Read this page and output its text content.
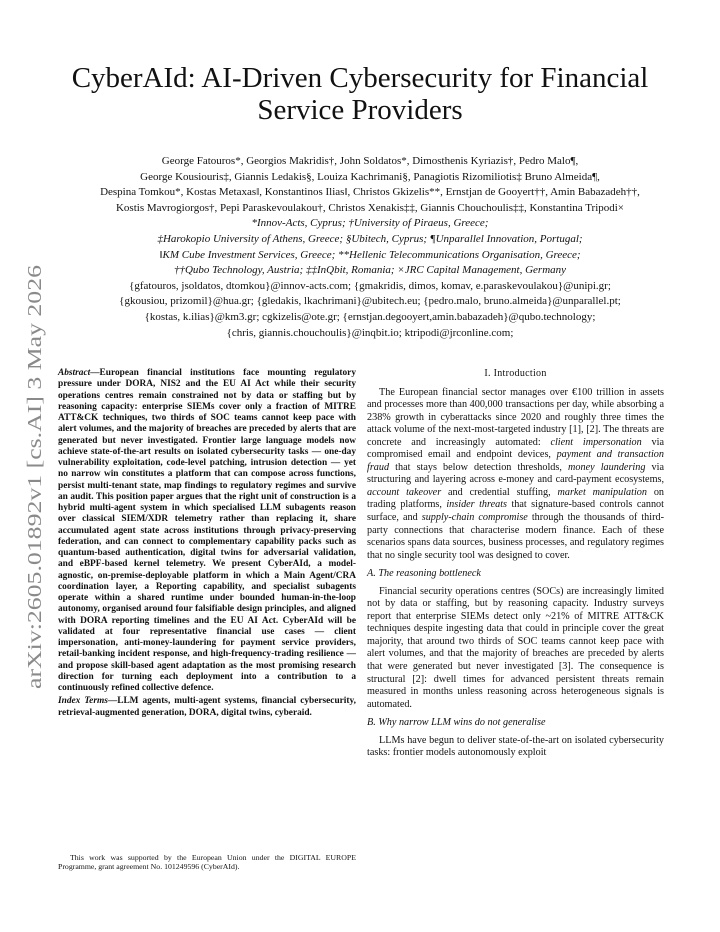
arXiv:2605.01892v1 [cs.AI] 3 May 2026
CyberAId: AI-Driven Cybersecurity for Financial Service Providers
George Fatouros*, Georgios Makridis†, John Soldatos*, Dimosthenis Kyriazis†, Pedro Malo¶,
George Kousiouris‡, Giannis Ledakis§, Louiza Kachrimani§, Panagiotis Rizomiliotis‡ Bruno Almeida¶,
Despina Tomkou*, Kostas Metaxas‖, Konstantinos Ilias‖, Christos Gkizelis**, Ernstjan de Gooyert††, Amin Babazadeh††,
Kostis Mavrogiorgos†, Pepi Paraskevoulakou†, Christos Xenakis‡‡, Giannis Chouchoulis‡‡, Konstantina Tripodi×
*Innov-Acts, Cyprus; †University of Piraeus, Greece;
‡Harokopio University of Athens, Greece; §Ubitech, Cyprus; ¶Unparallel Innovation, Portugal;
‖KM Cube Investment Services, Greece; **Hellenic Telecommunications Organisation, Greece;
††Qubo Technology, Austria; ‡‡InQbit, Romania; ×JRC Capital Management, Germany
{gfatouros, jsoldatos, dtomkou}@innov-acts.com; {gmakridis, dimos, komav, e.paraskevoulakou}@unipi.gr;
{gkousiou, prizomil}@hua.gr; {gledakis, lkachrimani}@ubitech.eu; {pedro.malo, bruno.almeida}@unparallel.pt;
{kostas, k.ilias}@km3.gr; cgkizelis@ote.gr; {ernstjan.degooyert,amin.babazadeh}@qubo.technology;
{chris, giannis.chouchoulis}@inqbit.io; ktripodi@jrconline.com;
Abstract—European financial institutions face mounting regulatory pressure under DORA, NIS2 and the EU AI Act while their security operations centres remain constrained not by data or staffing but by reasoning capacity: enterprise SIEMs cover only a fraction of MITRE ATT&CK techniques, two thirds of SOC teams cannot keep pace with alert volumes, and the majority of breaches are preceded by alerts that are generated but never investigated. Frontier large language models now achieve state-of-the-art results on isolated cybersecurity tasks — one-day vulnerability exploitation, code-level patching, intrusion detection — yet no narrow win constitutes a platform that can compose across functions, persist multi-tenant state, map findings to regulatory regimes and survive an audit. This position paper argues that the right unit of construction is a hybrid multi-agent system in which specialised LLM subagents reason over classical SIEM/XDR telemetry rather than replacing it, share accumulated agent state across institutions through privacy-preserving federation, and can connect to complementary capability packs such as quantum-based authentication, digital twins for adversarial validation, and eBPF-based kernel telemetry. We present CyberAId, a model-agnostic, on-premise-deployable platform in which a Main Agent/CRA coordination layer, a Reporting capability, and specialist subagents operate within a shared runtime under bounded human-in-the-loop autonomy, organised around four falsifiable design principles, and aligned with DORA reporting timelines and the EU AI Act. CyberAId will be validated at four representative financial use cases — client impersonation, anti-money-laundering for payment service providers, retail-banking incident response, and high-frequency-trading resilience — and propose skill-based agent adaptation as the most promising research direction for turning each deployment into a contribution to a continuously refined collective defence.
Index Terms—LLM agents, multi-agent systems, financial cybersecurity, retrieval-augmented generation, DORA, digital twins, cyberaid.
This work was supported by the European Union under the DIGITAL EUROPE Programme, grant agreement No. 101249596 (CyberAId).
I. Introduction
The European financial sector manages over €100 trillion in assets and processes more than 400,000 transactions per day, while absorbing a 238% growth in cyberattacks since 2020 and roughly three times the attack volume of the next-most-targeted industry [1], [2]. The threats are concrete and increasingly automated: client impersonation via compromised email and endpoint devices, payment and transaction fraud that stays below detection thresholds, money laundering via structuring and layering across e-money and card-payment ecosystems, account takeover and credential stuffing, market manipulation on trading platforms, insider threats that signature-based controls cannot surface, and supply-chain compromise through the thousands of third-party connections that characterise modern finance. Each of these scenarios spans data sources, business processes, and regulatory regimes that no single security tool was designed to cover.
A. The reasoning bottleneck
Financial security operations centres (SOCs) are increasingly limited not by data or staffing, but by reasoning capacity. Industry surveys report that enterprise SIEMs detect only ~21% of MITRE ATT&CK techniques despite ingesting data that could in principle cover the great majority, that around two thirds of SOC teams cannot keep pace with alert volumes, and that the majority of breaches are preceded by alerts that were generated but never investigated [3]. The consequence is structural [2]: dwell times for advanced persistent threats remain measured in months unless reasoning across heterogeneous signals is automated.
B. Why narrow LLM wins do not generalise
LLMs have begun to deliver state-of-the-art on isolated cybersecurity tasks: frontier models autonomously exploit
